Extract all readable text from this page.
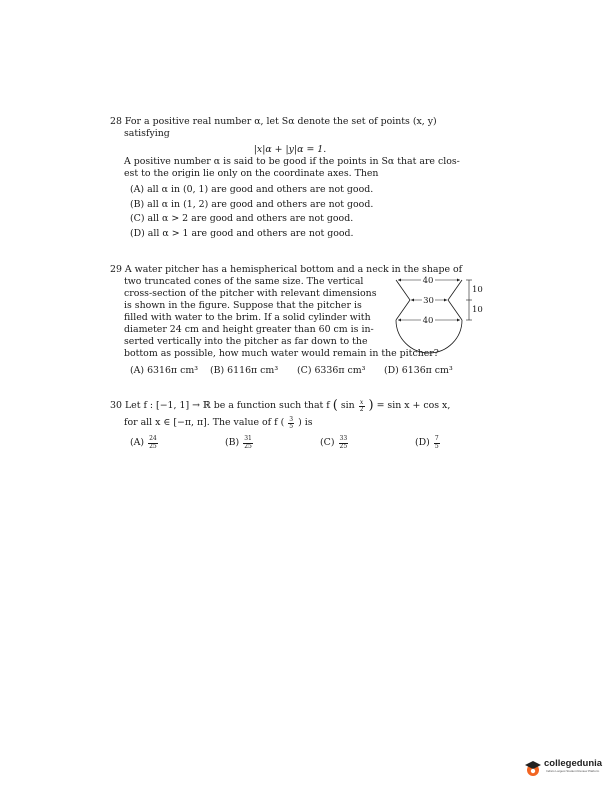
28 For a positive real number α, let Sα denote the set of points (x, y)
satisfying
|x|α + |y|α = 1.
A positive number α is said to be good if the points in Sα that are clos-
est to the origin lie only on the coordinate axes. Then
(A) all α in (0, 1) are good and others are not good.
(B) all α in (1, 2) are good and others are not good.
(C) all α > 2 are good and others are not good.
(D) all α > 1 are good and others are not good.
29 A water pitcher has a hemispherical bottom and a neck in the shape of
two truncated cones of the same size. The vertical
cross-section of the pitcher with relevant dimensions
is shown in the figure. Suppose that the pitcher is
filled with water to the brim. If a solid cylinder with
diameter 24 cm and height greater than 60 cm is in-
serted vertically into the pitcher as far down to the
bottom as possible, how much water would remain in the pitcher?
(A) 6316π cm³	(B) 6116π cm³	(C) 6336π cm³	(D) 6136π cm³
40
30
40
10
10
30 Let f : [−1, 1] → ℝ be a function such that f ( $\sin \frac{x}{2}$ ) = sin x + cos x,
for all x ∈ [−π, π]. The value of f ( $\frac{3}{5}$ ) is
$(A) \frac{24}{25}$	$(B) \frac{31}{25}$	$(C) \frac{33}{25}$	$(D) \frac{7}{5}$
collegedunia
India's Largest Student Review Platform
